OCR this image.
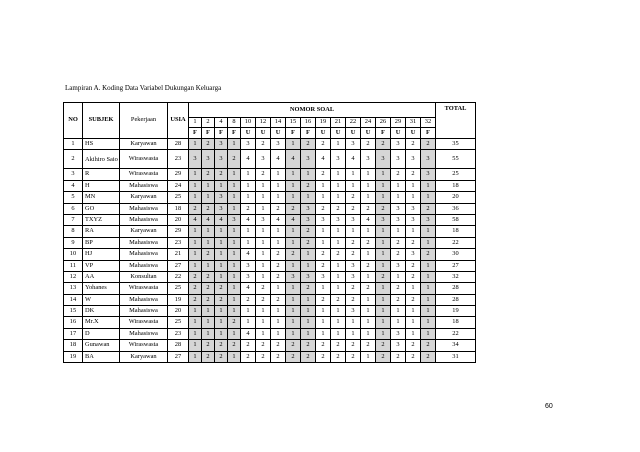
Lampiran A. Koding Data Variabel Dukungan Keluarga
NO	SUBJEK	Pekerjaan	USIA	NOMOR SOAL																	TOTAL
				1	2	4	8	10	12	14	15	16	19	21	22	24	26	29	31	32	
				F	F	F	F	U	U	U	F	F	U	U	U	U	F	U	U	F	
1	HS	Karyawan	28	1	2	3	1	3	2	3	1	2	2	1	3	2	2	3	2	2	35
2	Akihiro Saio	Wiraswasta	23	3	3	3	2	4	3	4	4	3	4	3	4	3	3	3	3	3	55
3	R	Wiraswasta	29	1	2	2	1	1	2	1	1	1	2	1	1	1	1	2	2	3	25
4	H	Mahasiswa	24	1	1	1	1	1	1	1	1	2	1	1	1	1	1	1	1	1	18
5	MN	Karyawan	25	1	1	3	1	1	1	1	1	1	1	1	2	1	1	1	1	1	20
6	GO	Mahasiswa	18	2	2	3	1	2	1	2	2	3	2	2	2	2	2	3	3	2	36
7	TXYZ	Mahasiswa	20	4	4	4	3	4	3	4	4	3	3	3	3	4	3	3	3	3	58
8	RA	Karyawan	29	1	1	1	1	1	1	1	1	2	1	1	1	1	1	1	1	1	18
9	BP	Mahasiswa	23	1	1	1	1	1	1	1	1	2	1	1	2	2	1	2	2	1	22
10	HJ	Mahasiswa	21	1	2	1	1	4	1	2	2	1	2	2	2	1	1	2	3	2	30
11	VP	Mahasiswa	27	1	1	1	1	3	1	2	1	1	2	1	3	2	1	3	2	1	27
12	AA	Konsultan	22	2	2	1	1	3	1	2	3	3	3	1	3	1	2	1	2	1	32
13	Yohanes	Wiraswasta	25	2	2	2	1	4	2	1	1	2	1	1	2	2	1	2	1	1	28
14	W	Mahasiswa	19	2	2	2	1	2	2	2	1	1	2	2	2	1	1	2	2	1	28
15	DK	Mahasiswa	20	1	1	1	1	1	1	1	1	1	1	1	3	1	1	1	1	1	19
16	Mr.X	Wiraswasta	25	1	1	1	2	1	1	1	1	1	1	1	1	1	1	1	1	1	18
17	D	Mahasiswa	23	1	1	1	1	4	1	1	1	1	1	1	1	1	1	3	1	1	22
18	Gunawan	Wiraswasta	28	1	2	2	2	2	2	2	2	2	2	2	2	2	2	3	2	2	34
19	BA	Karyawan	27	1	2	2	1	2	2	2	2	2	2	2	2	1	2	2	2	2	31
60
